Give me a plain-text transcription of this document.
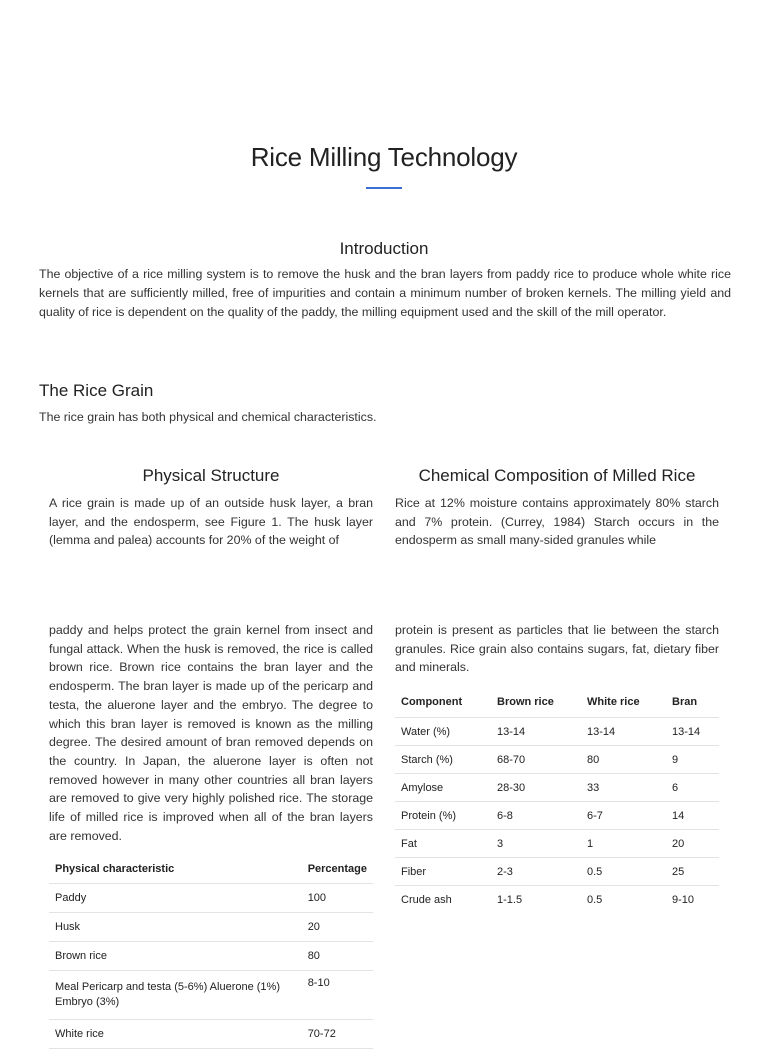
Rice Milling Technology
Introduction

The objective of a rice milling system is to remove the husk and the bran layers from paddy rice to produce whole white rice kernels that are sufficiently milled, free of impurities and contain a minimum number of broken kernels. The milling yield and quality of rice is dependent on the quality of the paddy, the milling equipment used and the skill of the mill operator.

The Rice Grain

The rice grain has both physical and chemical characteristics.

Physical Structure

A rice grain is made up of an outside husk layer, a bran layer, and the endosperm, see Figure 1. The husk layer (lemma and palea) accounts for 20% of the weight of

paddy and helps protect the grain kernel from insect and fungal attack. When the husk is removed, the rice is called brown rice. Brown rice contains the bran layer and the endosperm. The bran layer is made up of the pericarp and testa, the aluerone layer and the embryo. The degree to which this bran layer is removed is known as the milling degree. The desired amount of bran removed depends on the country. In Japan, the aluerone layer is often not removed however in many other countries all bran layers are removed to give very highly polished rice. The storage life of milled rice is improved when all of the bran layers are removed.

Physical characteristic	Percentage
Paddy	100
Husk	20
Brown rice	80
Meal Pericarp and testa (5-6%) Aluerone (1%) Embryo (3%)	8-10
White rice	70-72
Chemical Composition of Milled Rice

Rice at 12% moisture contains approximately 80% starch and 7% protein. (Currey, 1984) Starch occurs in the endosperm as small many-sided granules while

protein is present as particles that lie between the starch granules. Rice grain also contains sugars, fat, dietary fiber and minerals.

Component	Brown rice	White rice	Bran
Water (%)	13-14	13-14	13-14
Starch (%)	68-70	80	9
Amylose	28-30	33	6
Protein (%)	6-8	6-7	14
Fat	3	1	20
Fiber	2-3	0.5	25
Crude ash	1-1.5	0.5	9-10
